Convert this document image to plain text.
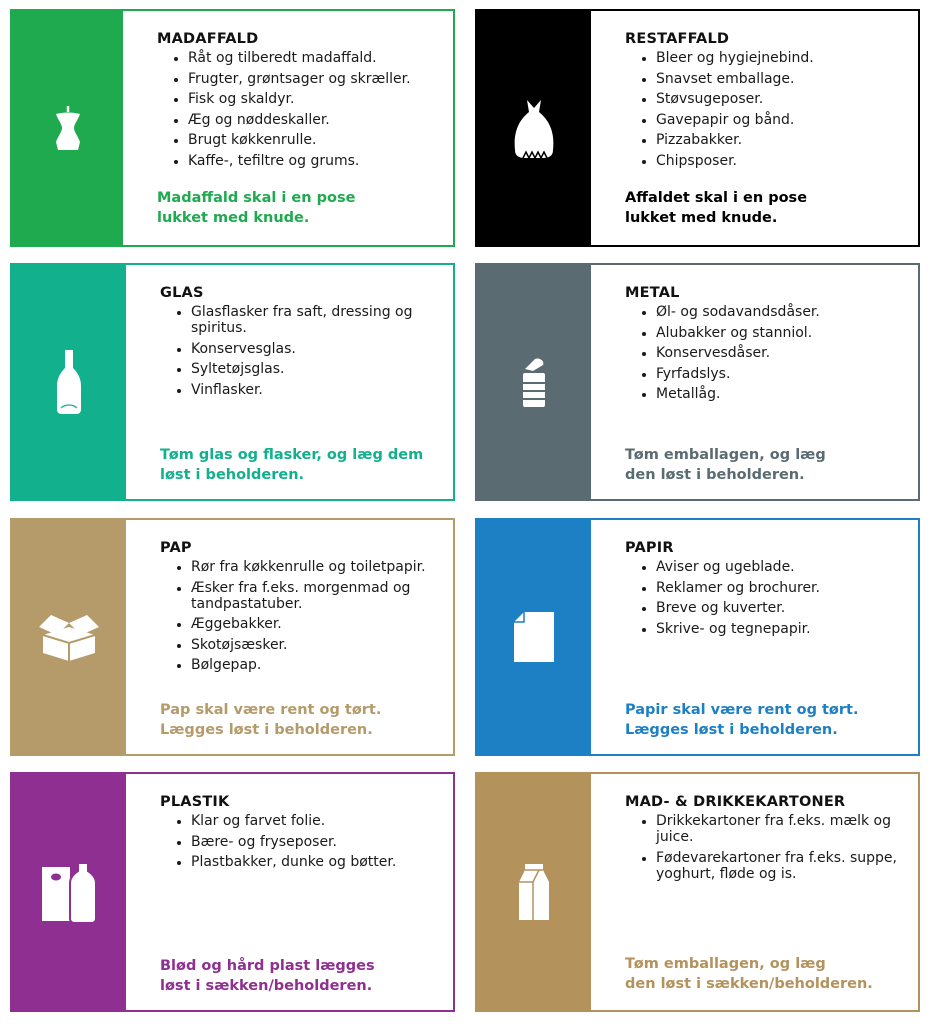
MADAFFALD
• Råt og tilberedt madaffald.
• Frugter, grøntsager og skræller.
• Fisk og skaldyr.
• Æg og nøddeskaller.
• Brugt køkkenrulle.
• Kaffe-, tefiltre og grums.
Madaffald skal i en pose
lukket med knude.
RESTAFFALD
• Bleer og hygiejnebind.
• Snavset emballage.
• Støvsugeposer.
• Gavepapir og bånd.
• Pizzabakker.
• Chipsposer.
Affaldet skal i en pose
lukket med knude.
GLAS
• Glasflasker fra saft, dressing og spiritus.
• Konservesglas.
• Syltetøjsglas.
• Vinflasker.
Tøm glas og flasker, og læg dem
løst i beholderen.
METAL
• Øl- og sodavandsdåser.
• Alubakker og stanniol.
• Konservesdåser.
• Fyrfadslys.
• Metallåg.
Tøm emballagen, og læg
den løst i beholderen.
PAP
• Rør fra køkkenrulle og toiletpapir.
• Æsker fra f.eks. morgenmad og tandpastatuber.
• Æggebakker.
• Skotøjsæsker.
• Bølgepap.
Pap skal være rent og tørt.
Lægges løst i beholderen.
PAPIR
• Aviser og ugeblade.
• Reklamer og brochurer.
• Breve og kuverter.
• Skrive- og tegnepapir.
Papir skal være rent og tørt.
Lægges løst i beholderen.
PLASTIK
• Klar og farvet folie.
• Bære- og fryseposer.
• Plastbakker, dunke og bøtter.
Blød og hård plast lægges
løst i sækken/beholderen.
MAD- & DRIKKEKARTONER
• Drikkekartoner fra f.eks. mælk og juice.
• Fødevarekartoner fra f.eks. suppe, yoghurt, fløde og is.
Tøm emballagen, og læg
den løst i sækken/beholderen.
